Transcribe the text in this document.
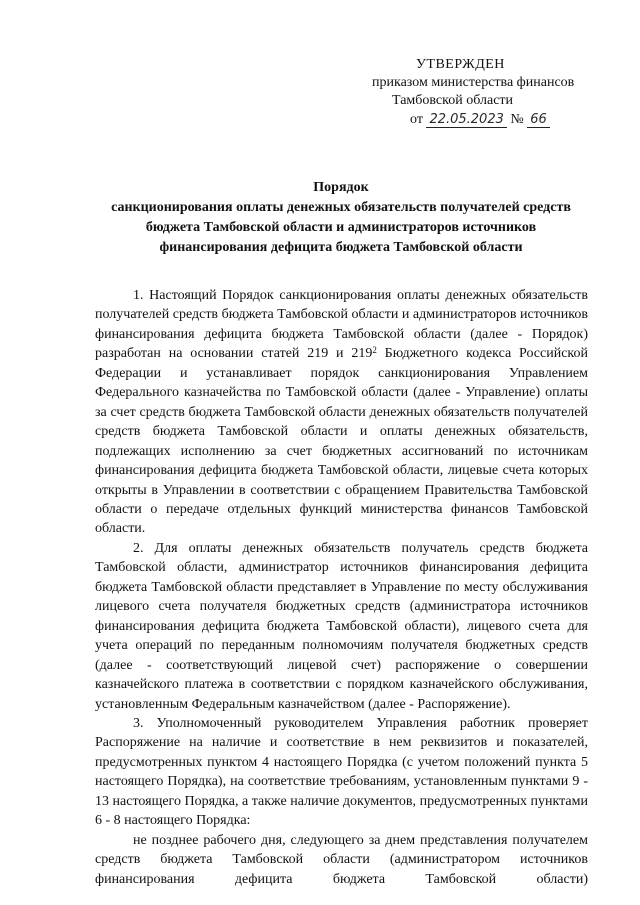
УТВЕРЖДЕН
приказом министерства финансов
Тамбовской области
от 22.05.2023 № 66
Порядок
санкционирования оплаты денежных обязательств получателей средств
бюджета Тамбовской области и администраторов источников
финансирования дефицита бюджета Тамбовской области

1. Настоящий Порядок санкционирования оплаты денежных обязательств получателей средств бюджета Тамбовской области и администраторов источников финансирования дефицита бюджета Тамбовской области (далее - Порядок) разработан на основании статей 219 и $219^2$ Бюджетного кодекса Российской Федерации и устанавливает порядок санкционирования Управлением Федерального казначейства по Тамбовской области (далее - Управление) оплаты за счет средств бюджета Тамбовской области денежных обязательств получателей средств бюджета Тамбовской области и оплаты денежных обязательств, подлежащих исполнению за счет бюджетных ассигнований по источникам финансирования дефицита бюджета Тамбовской области, лицевые счета которых открыты в Управлении в соответствии с обращением Правительства Тамбовской области о передаче отдельных функций министерства финансов Тамбовской области.

2. Для оплаты денежных обязательств получатель средств бюджета Тамбовской области, администратор источников финансирования дефицита бюджета Тамбовской области представляет в Управление по месту обслуживания лицевого счета получателя бюджетных средств (администратора источников финансирования дефицита бюджета Тамбовской области), лицевого счета для учета операций по переданным полномочиям получателя бюджетных средств (далее - соответствующий лицевой счет) распоряжение о совершении казначейского платежа в соответствии с порядком казначейского обслуживания, установленным Федеральным казначейством (далее - Распоряжение).

3. Уполномоченный руководителем Управления работник проверяет Распоряжение на наличие и соответствие в нем реквизитов и показателей, предусмотренных пунктом 4 настоящего Порядка (с учетом положений пункта 5 настоящего Порядка), на соответствие требованиям, установленным пунктами 9 - 13 настоящего Порядка, а также наличие документов, предусмотренных пунктами 6 - 8 настоящего Порядка:

не позднее рабочего дня, следующего за днем представления получателем средств бюджета Тамбовской области (администратором источников финансирования дефицита бюджета Тамбовской области)
